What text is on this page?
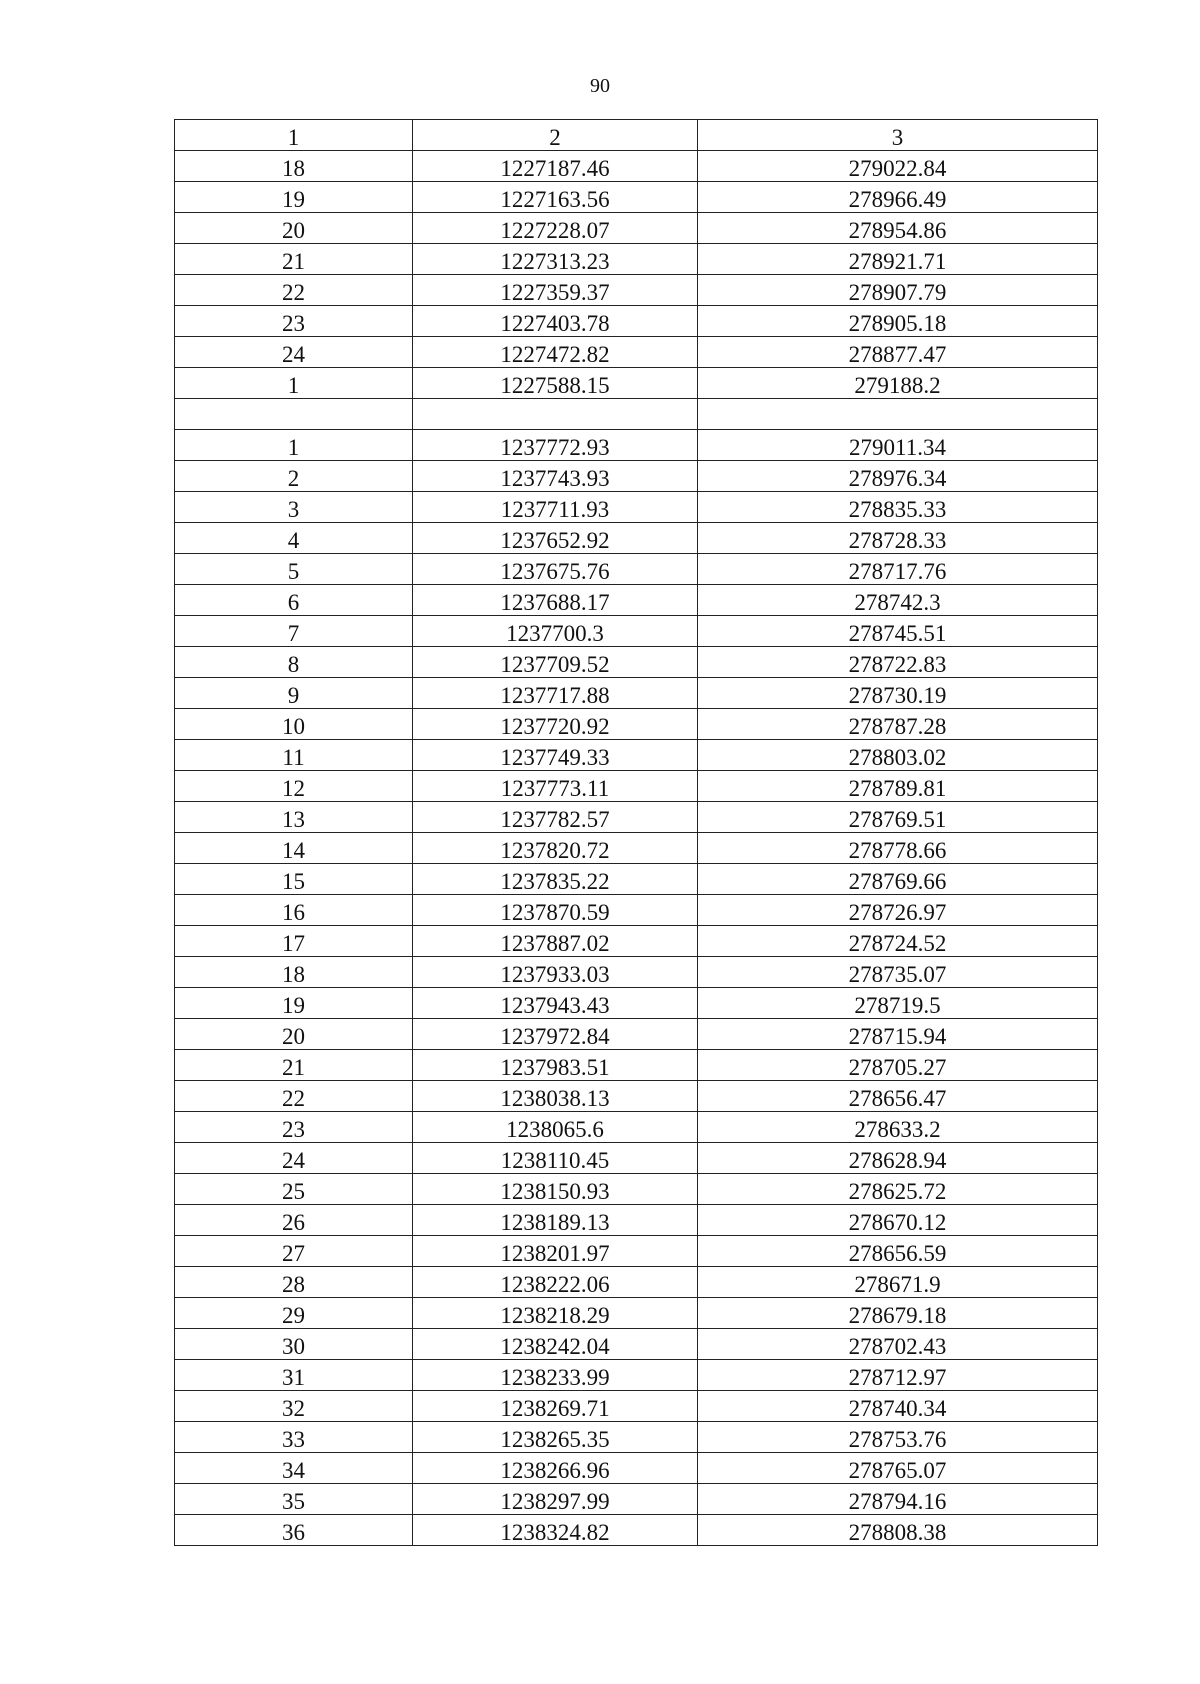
90
1	2	3
18	1227187.46	279022.84
19	1227163.56	278966.49
20	1227228.07	278954.86
21	1227313.23	278921.71
22	1227359.37	278907.79
23	1227403.78	278905.18
24	1227472.82	278877.47
1	1227588.15	279188.2

1	1237772.93	279011.34
2	1237743.93	278976.34
3	1237711.93	278835.33
4	1237652.92	278728.33
5	1237675.76	278717.76
6	1237688.17	278742.3
7	1237700.3	278745.51
8	1237709.52	278722.83
9	1237717.88	278730.19
10	1237720.92	278787.28
11	1237749.33	278803.02
12	1237773.11	278789.81
13	1237782.57	278769.51
14	1237820.72	278778.66
15	1237835.22	278769.66
16	1237870.59	278726.97
17	1237887.02	278724.52
18	1237933.03	278735.07
19	1237943.43	278719.5
20	1237972.84	278715.94
21	1237983.51	278705.27
22	1238038.13	278656.47
23	1238065.6	278633.2
24	1238110.45	278628.94
25	1238150.93	278625.72
26	1238189.13	278670.12
27	1238201.97	278656.59
28	1238222.06	278671.9
29	1238218.29	278679.18
30	1238242.04	278702.43
31	1238233.99	278712.97
32	1238269.71	278740.34
33	1238265.35	278753.76
34	1238266.96	278765.07
35	1238297.99	278794.16
36	1238324.82	278808.38
